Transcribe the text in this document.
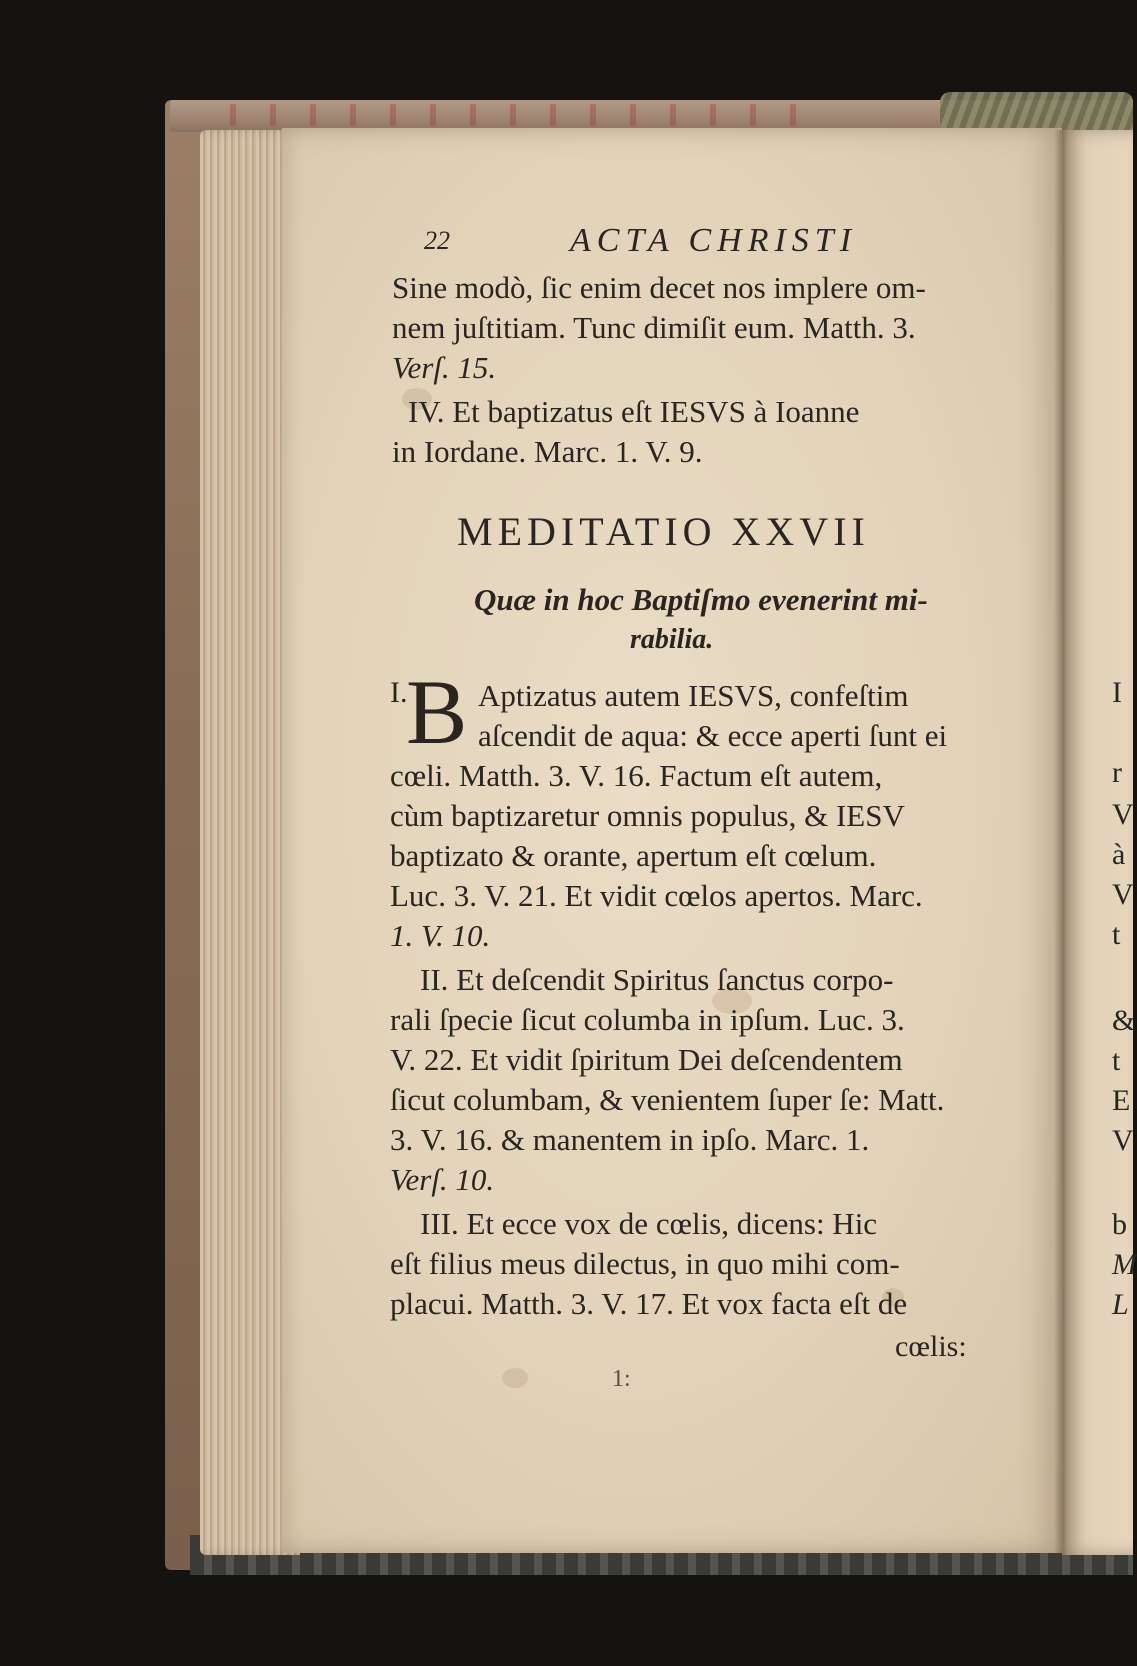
22	ACTA CHRISTI
Sine modò, ſic enim decet nos implere om-
nem juſtitiam. Tunc dimiſit eum. Matth. 3.
Verſ. 15.
IV. Et baptizatus eſt IESVS à Ioanne
in Iordane. Marc. 1. V. 9.
MEDITATIO XXVII
Quæ in hoc Baptiſmo evenerint mi-
rabilia.
I.
B Aptizatus autem IESVS, confeſtim
aſcendit de aqua: & ecce aperti ſunt ei
cœli. Matth. 3. V. 16. Factum eſt autem,
cùm baptizaretur omnis populus, & IESV
baptizato & orante, apertum eſt cœlum.
Luc. 3. V. 21. Et vidit cœlos apertos. Marc.
1. V. 10.
II. Et deſcendit Spiritus ſanctus corpo-
rali ſpecie ſicut columba in ipſum. Luc. 3.
V. 22. Et vidit ſpiritum Dei deſcendentem
ſicut columbam, & venientem ſuper ſe: Matt.
3. V. 16. & manentem in ipſo. Marc. 1.
Verſ. 10.
III. Et ecce vox de cœlis, dicens: Hic
eſt filius meus dilectus, in quo mihi com-
placui. Matth. 3. V. 17. Et vox facta eſt de
cœlis:
1:
I
r
V
à
V
t
&
t
E
V
b
M
L
